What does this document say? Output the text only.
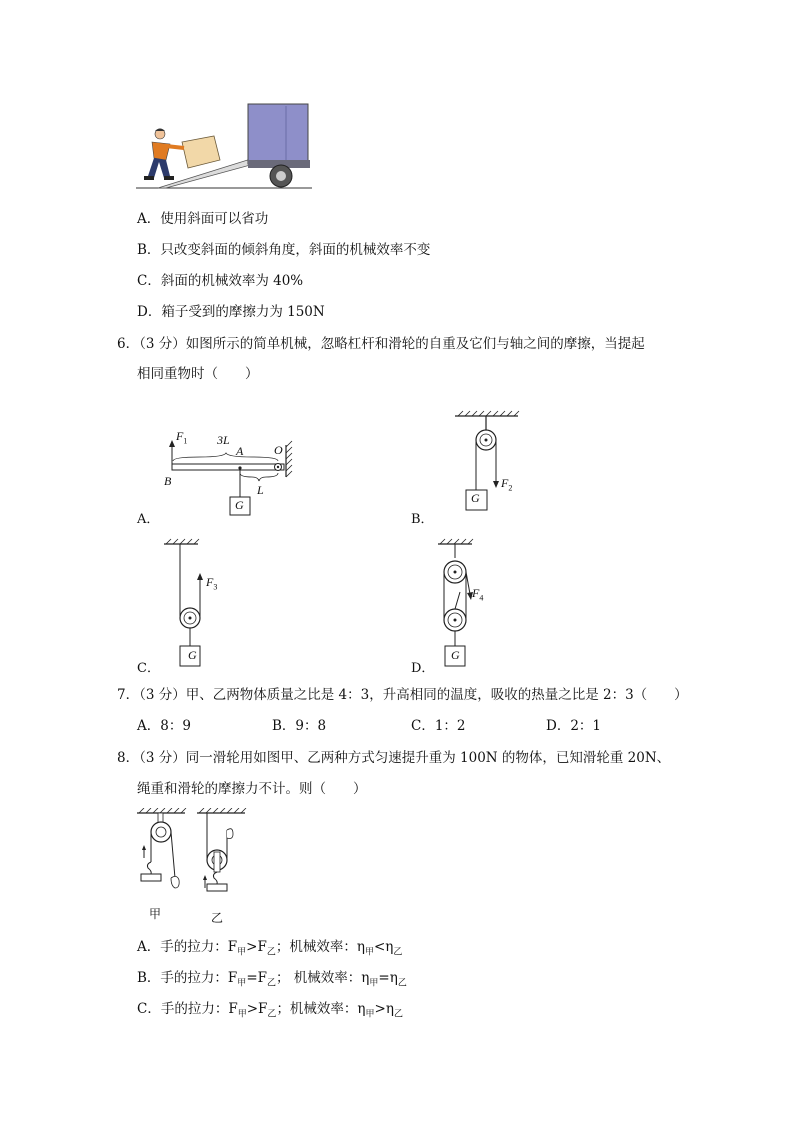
A．使用斜面可以省功
B．只改变斜面的倾斜角度，斜面的机械效率不变
C．斜面的机械效率为 40%
D．箱子受到的摩擦力为 150N
6．（3 分）如图所示的简单机械，忽略杠杆和滑轮的自重及它们与轴之间的摩擦，当提起
相同重物时（　　）
$F_1$ 3L
A	O
B
L
G
A．
$F_2$
G
B．
$F_3$
G
C．
$F_4$
G
D．
7．（3 分）甲、乙两物体质量之比是 4：3，升高相同的温度，吸收的热量之比是 2：3（　　）
A．8：9	B．9：8	C．1：2	D．2：1
8．（3 分）同一滑轮用如图甲、乙两种方式匀速提升重为 100N 的物体，已知滑轮重 20N、
绳重和滑轮的摩擦力不计。则（　　）
甲	乙
A．手的拉力：$F_甲>F_乙$；机械效率：$\eta_甲<\eta_乙$
B．手的拉力：$F_甲=F_乙$； 机械效率：$\eta_甲=\eta_乙$
C．手的拉力：$F_甲>F_乙$；机械效率：$\eta_甲>\eta_乙$
